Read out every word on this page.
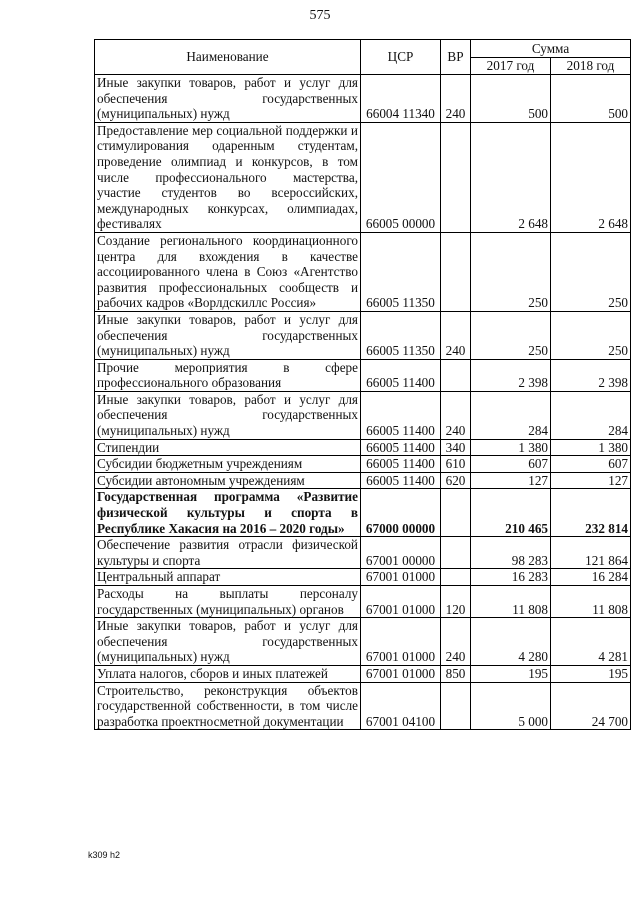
575
Наименование	ЦСР	ВР	Сумма	
			2017 год	2018 год
Иные закупки товаров, работ и услуг для обеспечения государственных (муниципальных) нужд	66004 11340	240	500	500
Предоставление мер социальной поддержки и стимулирования одаренным студентам, проведение олимпиад и конкурсов, в том числе профессионального мастерства, участие студентов во всероссийских, международных конкурсах, олимпиадах, фестивалях	66005 00000		2 648	2 648
Создание регионального координационного центра для вхождения в качестве ассоциированного члена в Союз «Агентство развития профессиональных сообществ и рабочих кадров «Ворлдскиллс Россия»	66005 11350		250	250
Иные закупки товаров, работ и услуг для обеспечения государственных (муниципальных) нужд	66005 11350	240	250	250
Прочие мероприятия в сфере профессионального образования	66005 11400		2 398	2 398
Иные закупки товаров, работ и услуг для обеспечения государственных (муниципальных) нужд	66005 11400	240	284	284
Стипендии	66005 11400	340	1 380	1 380
Субсидии бюджетным учреждениям	66005 11400	610	607	607
Субсидии автономным учреждениям	66005 11400	620	127	127
Государственная программа «Развитие физической культуры и спорта в Республике Хакасия на 2016 – 2020 годы»	67000 00000		210 465	232 814
Обеспечение развития отрасли физической культуры и спорта	67001 00000		98 283	121 864
Центральный аппарат	67001 01000		16 283	16 284
Расходы на выплаты персоналу государственных (муниципальных) органов	67001 01000	120	11 808	11 808
Иные закупки товаров, работ и услуг для обеспечения государственных (муниципальных) нужд	67001 01000	240	4 280	4 281
Уплата налогов, сборов и иных платежей	67001 01000	850	195	195
Строительство, реконструкция объектов государственной собственности, в том числе разработка проектносметной документации	67001 04100		5 000	24 700
k309 h2
